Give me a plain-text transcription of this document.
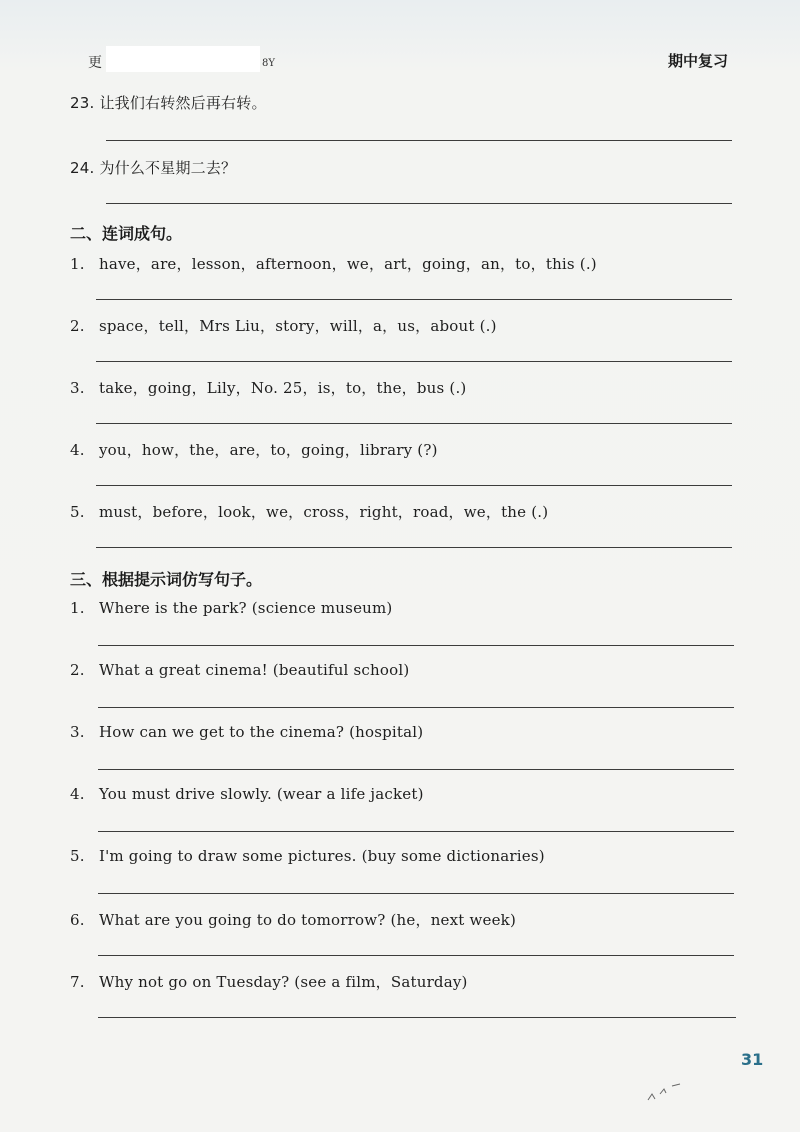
更	8Y	期中复习
23. 让我们右转然后再右转。
24. 为什么不星期二去？
二、连词成句。
1. have，are，lesson，afternoon，we，art，going，an，to，this (.)
2. space，tell，Mrs Liu，story，will，a，us，about (.)
3. take，going，Lily，No. 25，is，to，the，bus (.)
4. you，how，the，are，to，going，library (?)
5. must，before，look，we，cross，right，road，we，the (.)
三、根据提示词仿写句子。
1. Where is the park? (science museum)
2. What a great cinema! (beautiful school)
3. How can we get to the cinema? (hospital)
4. You must drive slowly. (wear a life jacket)
5. I'm going to draw some pictures. (buy some dictionaries)
6. What are you going to do tomorrow? (he，next week)
7. Why not go on Tuesday? (see a film，Saturday)
31
